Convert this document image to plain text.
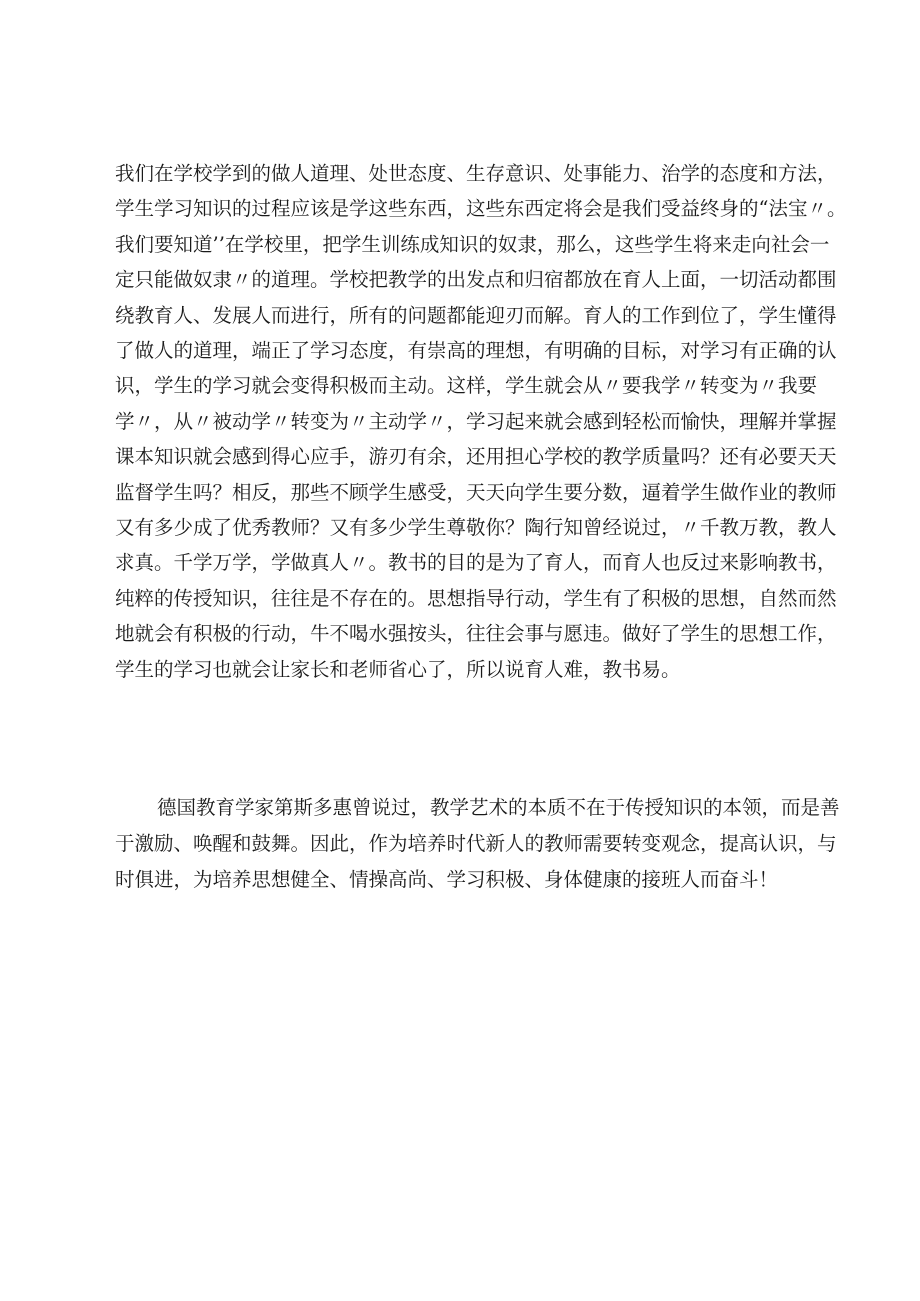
我们在学校学到的做人道理、处世态度、生存意识、处事能力、治学的态度和方法，
学生学习知识的过程应该是学这些东西，这些东西定将会是我们受益终身的“法宝〃。
我们要知道’’在学校里，把学生训练成知识的奴隶，那么，这些学生将来走向社会一
定只能做奴隶〃的道理。学校把教学的出发点和归宿都放在育人上面，一切活动都围
绕教育人、发展人而进行，所有的问题都能迎刃而解。育人的工作到位了，学生懂得
了做人的道理，端正了学习态度，有崇高的理想，有明确的目标，对学习有正确的认
识，学生的学习就会变得积极而主动。这样，学生就会从〃要我学〃转变为〃我要
学〃，从〃被动学〃转变为〃主动学〃，学习起来就会感到轻松而愉快，理解并掌握
课本知识就会感到得心应手，游刃有余，还用担心学校的教学质量吗？还有必要天天
监督学生吗？相反，那些不顾学生感受，天天向学生要分数，逼着学生做作业的教师
又有多少成了优秀教师？又有多少学生尊敬你？陶行知曾经说过，〃千教万教，教人
求真。千学万学，学做真人〃。教书的目的是为了育人，而育人也反过来影响教书，
纯粹的传授知识，往往是不存在的。思想指导行动，学生有了积极的思想，自然而然
地就会有积极的行动，牛不喝水强按头，往往会事与愿违。做好了学生的思想工作，
学生的学习也就会让家长和老师省心了，所以说育人难，教书易。
德国教育学家第斯多惠曾说过，教学艺术的本质不在于传授知识的本领，而是善
于激励、唤醒和鼓舞。因此，作为培养时代新人的教师需要转变观念，提高认识，与
时俱进，为培养思想健全、情操高尚、学习积极、身体健康的接班人而奋斗！
